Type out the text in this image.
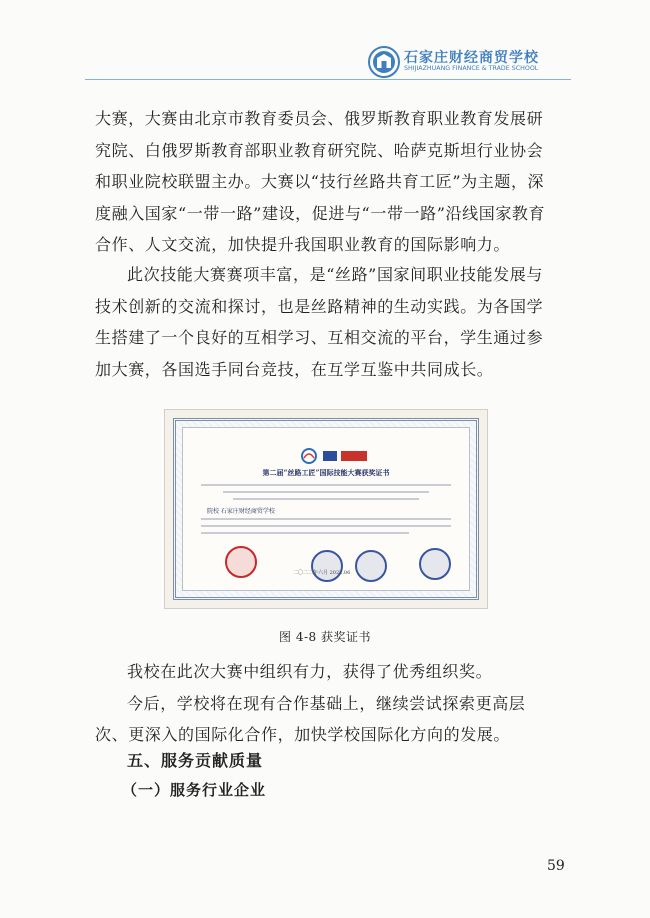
石家庄财经商贸学校
SHIJIAZHUANG FINANCE & TRADE SCHOOL

大赛，大赛由北京市教育委员会、俄罗斯教育职业教育发展研究院、白俄罗斯教育部职业教育研究院、哈萨克斯坦行业协会和职业院校联盟主办。大赛以“技行丝路共育工匠”为主题，深度融入国家“一带一路”建设，促进与“一带一路”沿线国家教育合作、人文交流，加快提升我国职业教育的国际影响力。

此次技能大赛赛项丰富，是“丝路”国家间职业技能发展与技术创新的交流和探讨，也是丝路精神的生动实践。为各国学生搭建了一个良好的互相学习、互相交流的平台，学生通过参加大赛，各国选手同台竞技，在互学互鉴中共同成长。

第二届“丝路工匠”国际技能大赛获奖证书
院校 石家庄财经商贸学校
二〇二二年六月 2022.06
图 4-8 获奖证书

我校在此次大赛中组织有力，获得了优秀组织奖。

今后，学校将在现有合作基础上，继续尝试探索更高层次、更深入的国际化合作，加快学校国际化方向的发展。

五、服务贡献质量
（一）服务行业企业
59
